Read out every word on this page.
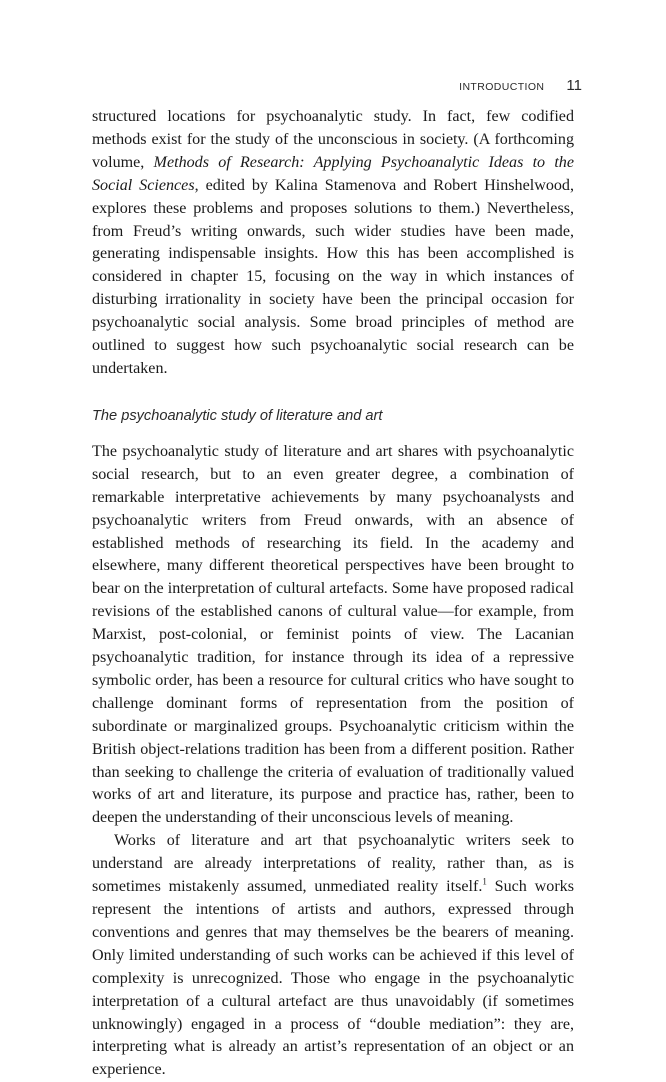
INTRODUCTION 11

structured locations for psychoanalytic study. In fact, few codified methods exist for the study of the unconscious in society. (A forthcoming volume, Methods of Research: Applying Psychoanalytic Ideas to the Social Sciences, edited by Kalina Stamenova and Robert Hinshelwood, explores these problems and proposes solutions to them.) Nevertheless, from Freud’s writing onwards, such wider studies have been made, generating indispensable insights. How this has been accomplished is considered in chapter 15, focusing on the way in which instances of disturbing irrationality in society have been the principal occasion for psychoanalytic social analysis. Some broad principles of method are outlined to suggest how such psychoanalytic social research can be undertaken.

The psychoanalytic study of literature and art

The psychoanalytic study of literature and art shares with psychoanalytic social research, but to an even greater degree, a combination of remarkable interpretative achievements by many psychoanalysts and psychoanalytic writers from Freud onwards, with an absence of established methods of researching its field. In the academy and elsewhere, many different theoretical perspectives have been brought to bear on the interpretation of cultural artefacts. Some have proposed radical revisions of the established canons of cultural value—for example, from Marxist, post-colonial, or feminist points of view. The Lacanian psychoanalytic tradition, for instance through its idea of a repressive symbolic order, has been a resource for cultural critics who have sought to challenge dominant forms of representation from the position of subordinate or marginalized groups. Psychoanalytic criticism within the British object-relations tradition has been from a different position. Rather than seeking to challenge the criteria of evaluation of traditionally valued works of art and literature, its purpose and practice has, rather, been to deepen the understanding of their unconscious levels of meaning.

Works of literature and art that psychoanalytic writers seek to understand are already interpretations of reality, rather than, as is sometimes mistakenly assumed, unmediated reality itself.$^1$ Such works represent the intentions of artists and authors, expressed through conventions and genres that may themselves be the bearers of meaning. Only limited understanding of such works can be achieved if this level of complexity is unrecognized. Those who engage in the psychoanalytic interpretation of a cultural artefact are thus unavoidably (if sometimes unknowingly) engaged in a process of “double mediation”: they are, interpreting what is already an artist’s representation of an object or an experience.
